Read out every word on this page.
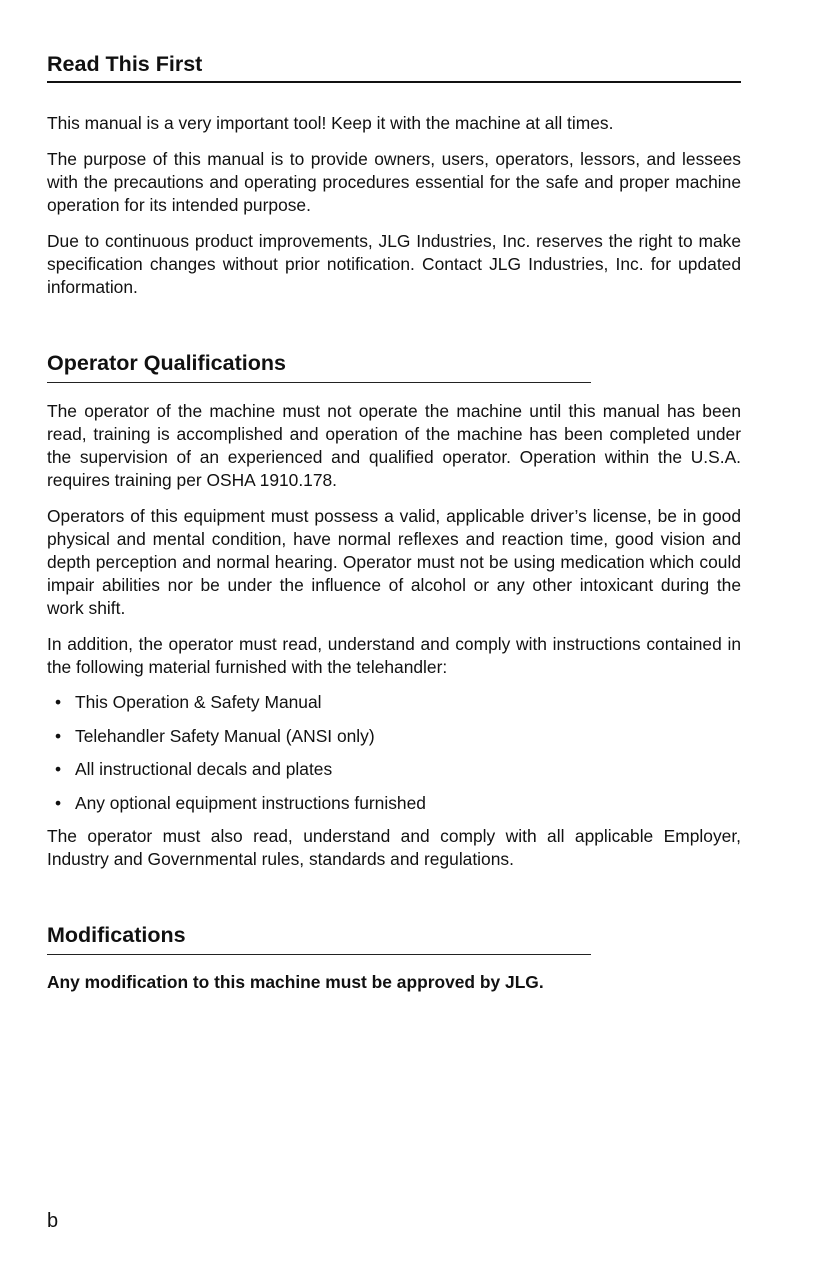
Read This First

This manual is a very important tool! Keep it with the machine at all times.

The purpose of this manual is to provide owners, users, operators, lessors, and lessees with the precautions and operating procedures essential for the safe and proper machine operation for its intended purpose.

Due to continuous product improvements, JLG Industries, Inc. reserves the right to make specification changes without prior notification. Contact JLG Industries, Inc. for updated information.

Operator Qualifications

The operator of the machine must not operate the machine until this manual has been read, training is accomplished and operation of the machine has been completed under the supervision of an experienced and qualified operator. Operation within the U.S.A. requires training per OSHA 1910.178.

Operators of this equipment must possess a valid, applicable driver’s license, be in good physical and mental condition, have normal reflexes and reaction time, good vision and depth perception and normal hearing. Operator must not be using medication which could impair abilities nor be under the influence of alcohol or any other intoxicant during the work shift.

In addition, the operator must read, understand and comply with instructions contained in the following material furnished with the telehandler:

• This Operation & Safety Manual
• Telehandler Safety Manual (ANSI only)
• All instructional decals and plates
• Any optional equipment instructions furnished

The operator must also read, understand and comply with all applicable Employer, Industry and Governmental rules, standards and regulations.

Modifications
Any modification to this machine must be approved by JLG.
b
